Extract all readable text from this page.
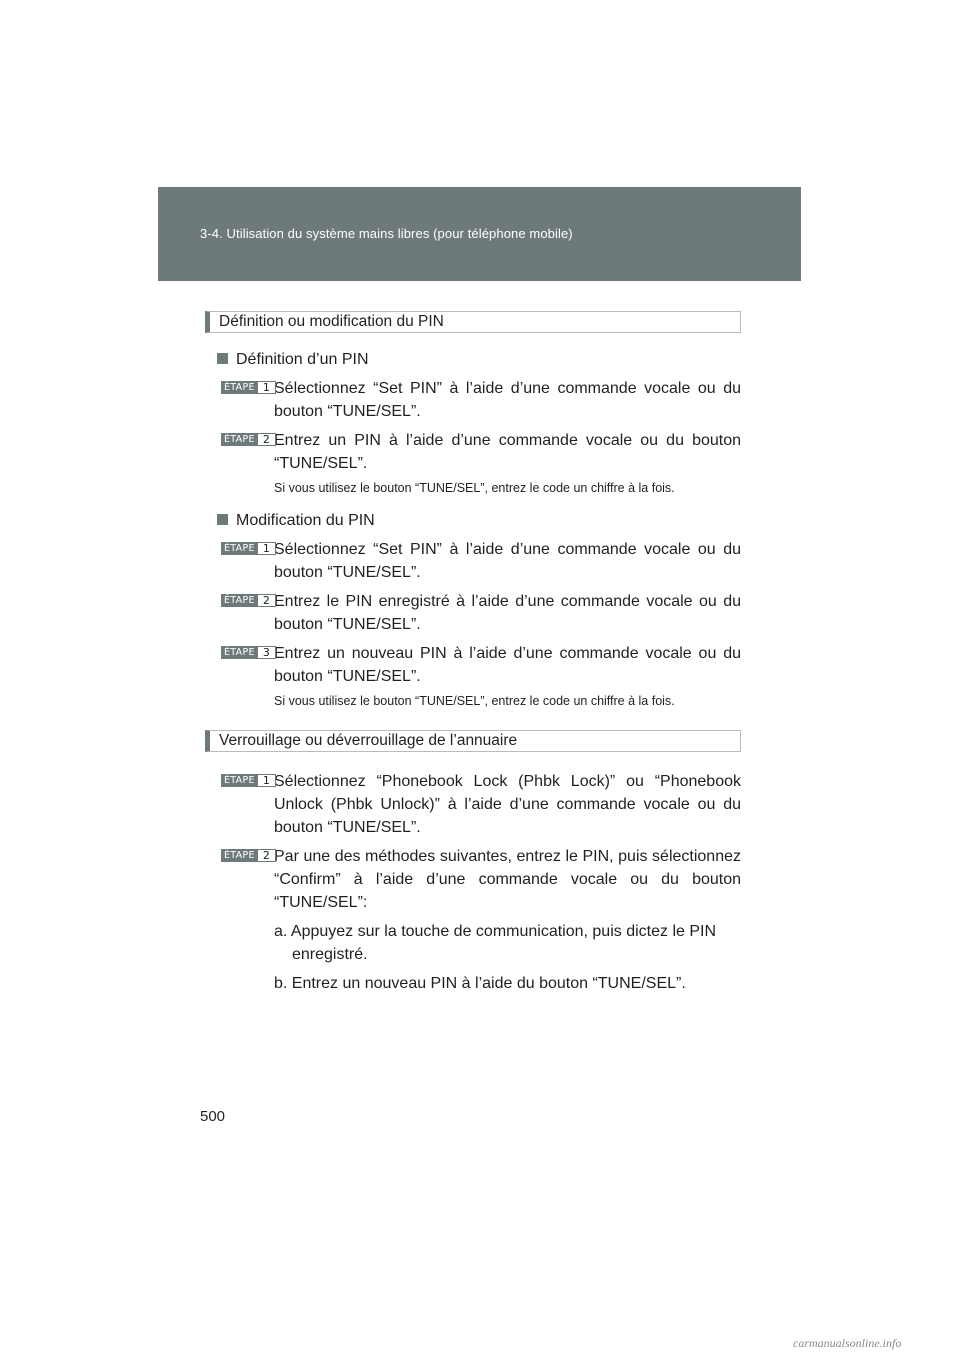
3-4. Utilisation du système mains libres (pour téléphone mobile)
Définition ou modification du PIN
Définition d’un PIN
ÉTAPE 1 Sélectionnez “Set PIN” à l’aide d’une commande vocale ou du bouton “TUNE/SEL”.
ÉTAPE 2 Entrez un PIN à l’aide d’une commande vocale ou du bouton “TUNE/SEL”.
Si vous utilisez le bouton “TUNE/SEL”, entrez le code un chiffre à la fois.
Modification du PIN
ÉTAPE 1 Sélectionnez “Set PIN” à l’aide d’une commande vocale ou du bouton “TUNE/SEL”.
ÉTAPE 2 Entrez le PIN enregistré à l’aide d’une commande vocale ou du bouton “TUNE/SEL”.
ÉTAPE 3 Entrez un nouveau PIN à l’aide d’une commande vocale ou du bouton “TUNE/SEL”.
Si vous utilisez le bouton “TUNE/SEL”, entrez le code un chiffre à la fois.
Verrouillage ou déverrouillage de l’annuaire
ÉTAPE 1 Sélectionnez “Phonebook Lock (Phbk Lock)” ou “Phonebook Unlock (Phbk Unlock)” à l’aide d’une commande vocale ou du bouton “TUNE/SEL”.
ÉTAPE 2 Par une des méthodes suivantes, entrez le PIN, puis sélectionnez “Confirm” à l’aide d’une commande vocale ou du bouton “TUNE/SEL”:
a. Appuyez sur la touche de communication, puis dictez le PIN enregistré.
b. Entrez un nouveau PIN à l’aide du bouton “TUNE/SEL”.
500
carmanualsonline.info
